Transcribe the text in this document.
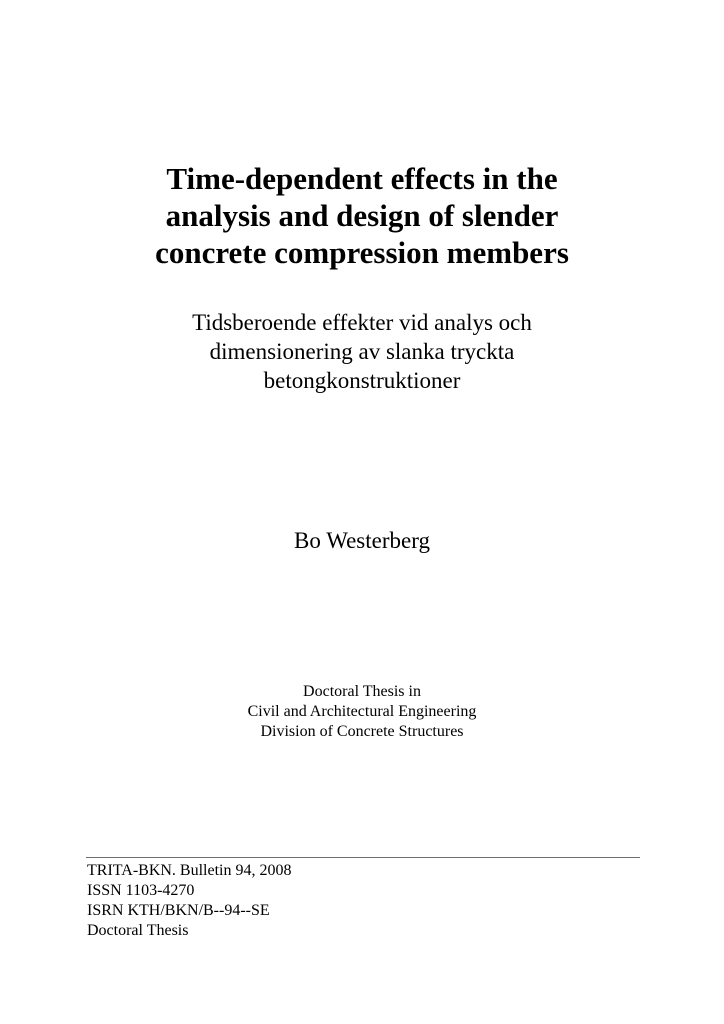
Time-dependent effects in the
analysis and design of slender
concrete compression members
Tidsberoende effekter vid analys och
dimensionering av slanka tryckta
betongkonstruktioner
Bo Westerberg
Doctoral Thesis in
Civil and Architectural Engineering
Division of Concrete Structures
TRITA-BKN. Bulletin 94, 2008
ISSN 1103-4270
ISRN KTH/BKN/B--94--SE
Doctoral Thesis
